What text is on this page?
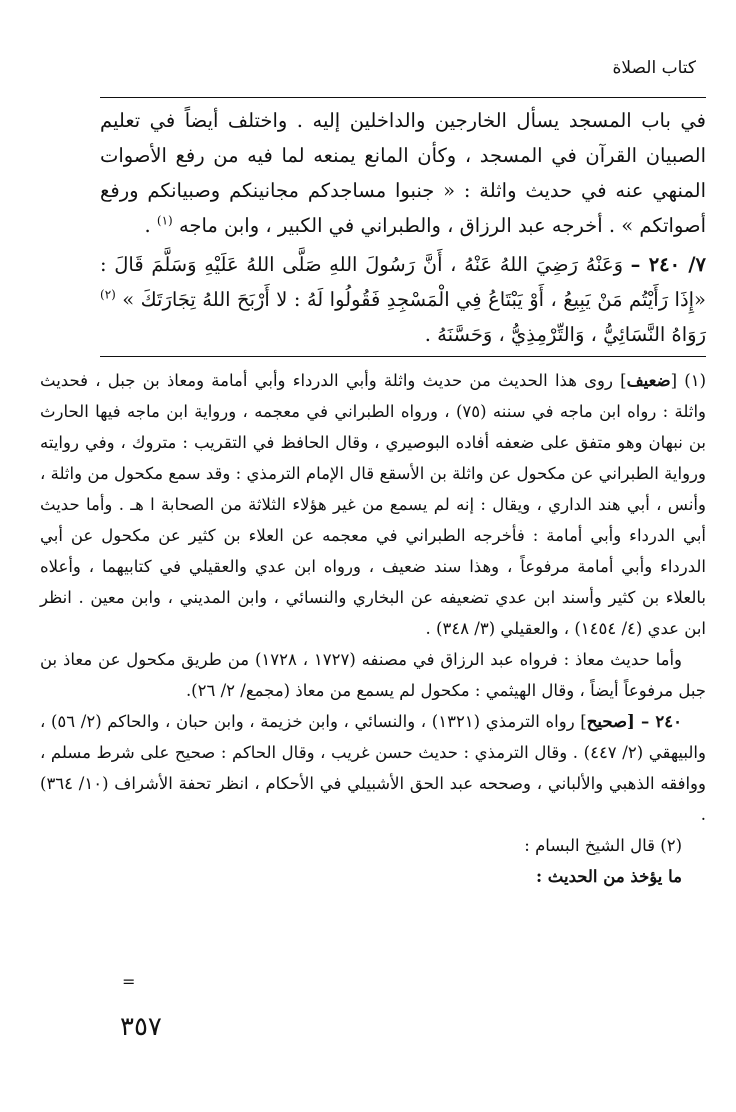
كتاب الصلاة

في باب المسجد يسأل الخارجين والداخلين إليه . واختلف أيضاً في تعليم الصبيان القرآن في المسجد ، وكأن المانع يمنعه لما فيه من رفع الأصوات المنهي عنه في حديث واثلة : « جنبوا مساجدكم مجانينكم وصبيانكم ورفع أصواتكم » . أخرجه عبد الرزاق ، والطبراني في الكبير ، وابن ماجه $^{(١)}$ .

٧/ ٢٤٠ – وَعَنْهُ رَضِيَ اللهُ عَنْهُ ، أَنَّ رَسُولَ اللهِ صَلَّى اللهُ عَلَيْهِ وَسَلَّمَ قَالَ : «إِذَا رَأَيْتُم مَنْ يَبِيعُ ، أَوْ يَبْتَاعُ فِي الْمَسْجِدِ فَقُولُوا لَهُ : لا أَرْبَحَ اللهُ تِجَارَتَكَ » $^{(٢)}$ رَوَاهُ النَّسَائِيُّ ، وَالتِّرْمِذِيُّ ، وَحَسَّنَهُ .

(١) [ضعيف] روى هذا الحديث من حديث واثلة وأبي الدرداء وأبي أمامة ومعاذ بن جبل ، فحديث واثلة : رواه ابن ماجه في سننه (٧٥) ، ورواه الطبراني في معجمه ، ورواية ابن ماجه فيها الحارث بن نبهان وهو متفق على ضعفه أفاده البوصيري ، وقال الحافظ في التقريب : متروك ، وفي روايته ورواية الطبراني عن مكحول عن واثلة بن الأسقع قال الإمام الترمذي : وقد سمع مكحول من واثلة ، وأنس ، أبي هند الداري ، ويقال : إنه لم يسمع من غير هؤلاء الثلاثة من الصحابة ا هـ . وأما حديث أبي الدرداء وأبي أمامة : فأخرجه الطبراني في معجمه عن العلاء بن كثير عن مكحول عن أبي الدرداء وأبي أمامة مرفوعاً ، وهذا سند ضعيف ، ورواه ابن عدي والعقيلي في كتابيهما ، وأعلاه بالعلاء بن كثير وأسند ابن عدي تضعيفه عن البخاري والنسائي ، وابن المديني ، وابن معين . انظر ابن عدي (٤/ ١٤٥٤) ، والعقيلي (٣/ ٣٤٨) .

وأما حديث معاذ : فرواه عبد الرزاق في مصنفه (١٧٢٧ ، ١٧٢٨) من طريق مكحول عن معاذ بن جبل مرفوعاً أيضاً ، وقال الهيثمي : مكحول لم يسمع من معاذ (مجمع/ ٢/ ٢٦).

٢٤٠ – [صحيح] رواه الترمذي (١٣٢١) ، والنسائي ، وابن خزيمة ، وابن حبان ، والحاكم (٢/ ٥٦) ، والبيهقي (٢/ ٤٤٧) . وقال الترمذي : حديث حسن غريب ، وقال الحاكم : صحيح على شرط مسلم ، ووافقه الذهبي والألباني ، وصححه عبد الحق الأشبيلي في الأحكام ، انظر تحفة الأشراف (١٠/ ٣٦٤) .

(٢) قال الشيخ البسام :

ما يؤخذ من الحديث :

=
٣٥٧
